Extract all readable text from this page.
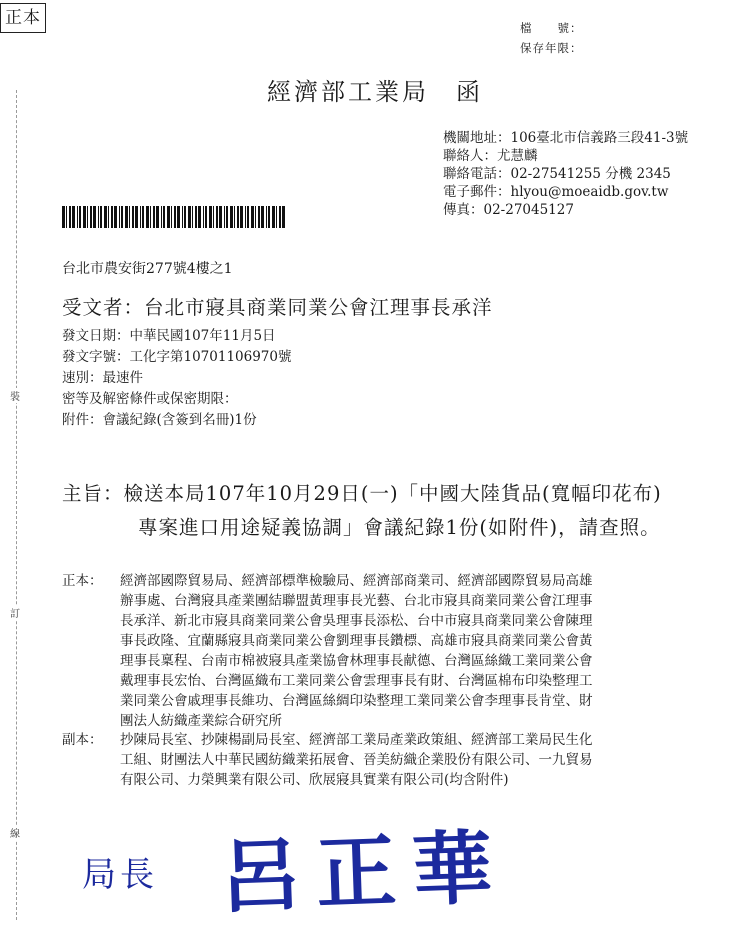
裝
訂
線
正本	檔　　號：
保存年限：
經濟部工業局　函
機關地址：106臺北市信義路三段41-3號
聯絡人：尤慧麟
聯絡電話：02-27541255 分機 2345
電子郵件：hlyou@moeaidb.gov.tw
傳真：02-27045127
台北市農安街277號4樓之1
受文者：台北市寢具商業同業公會江理事長承洋
發文日期：中華民國107年11月5日
發文字號：工化字第10701106970號
速別：最速件
密等及解密條件或保密期限：
附件：會議紀錄(含簽到名冊)1份
主旨：檢送本局107年10月29日(一)「中國大陸貨品(寬幅印花布)
專案進口用途疑義協調」會議紀錄1份(如附件)，請查照。
正本： 經濟部國際貿易局、經濟部標準檢驗局、經濟部商業司、經濟部國際貿易局高雄
辦事處、台灣寢具產業團結聯盟黃理事長光藝、台北市寢具商業同業公會江理事
長承洋、新北市寢具商業同業公會吳理事長添松、台中市寢具商業同業公會陳理
事長政隆、宜蘭縣寢具商業同業公會劉理事長鑽標、高雄市寢具商業同業公會黃
理事長稟程、台南市棉被寢具產業協會林理事長献德、台灣區絲織工業同業公會
戴理事長宏怡、台灣區織布工業同業公會雲理事長有財、台灣區棉布印染整理工
業同業公會戚理事長維功、台灣區絲綢印染整理工業同業公會李理事長肯堂、財
團法人紡織產業綜合研究所
副本： 抄陳局長室、抄陳楊副局長室、經濟部工業局產業政策組、經濟部工業局民生化
工組、財團法人中華民國紡織業拓展會、晉美紡織企業股份有限公司、一九貿易
有限公司、力榮興業有限公司、欣展寢具實業有限公司(均含附件)
局長 呂正華
